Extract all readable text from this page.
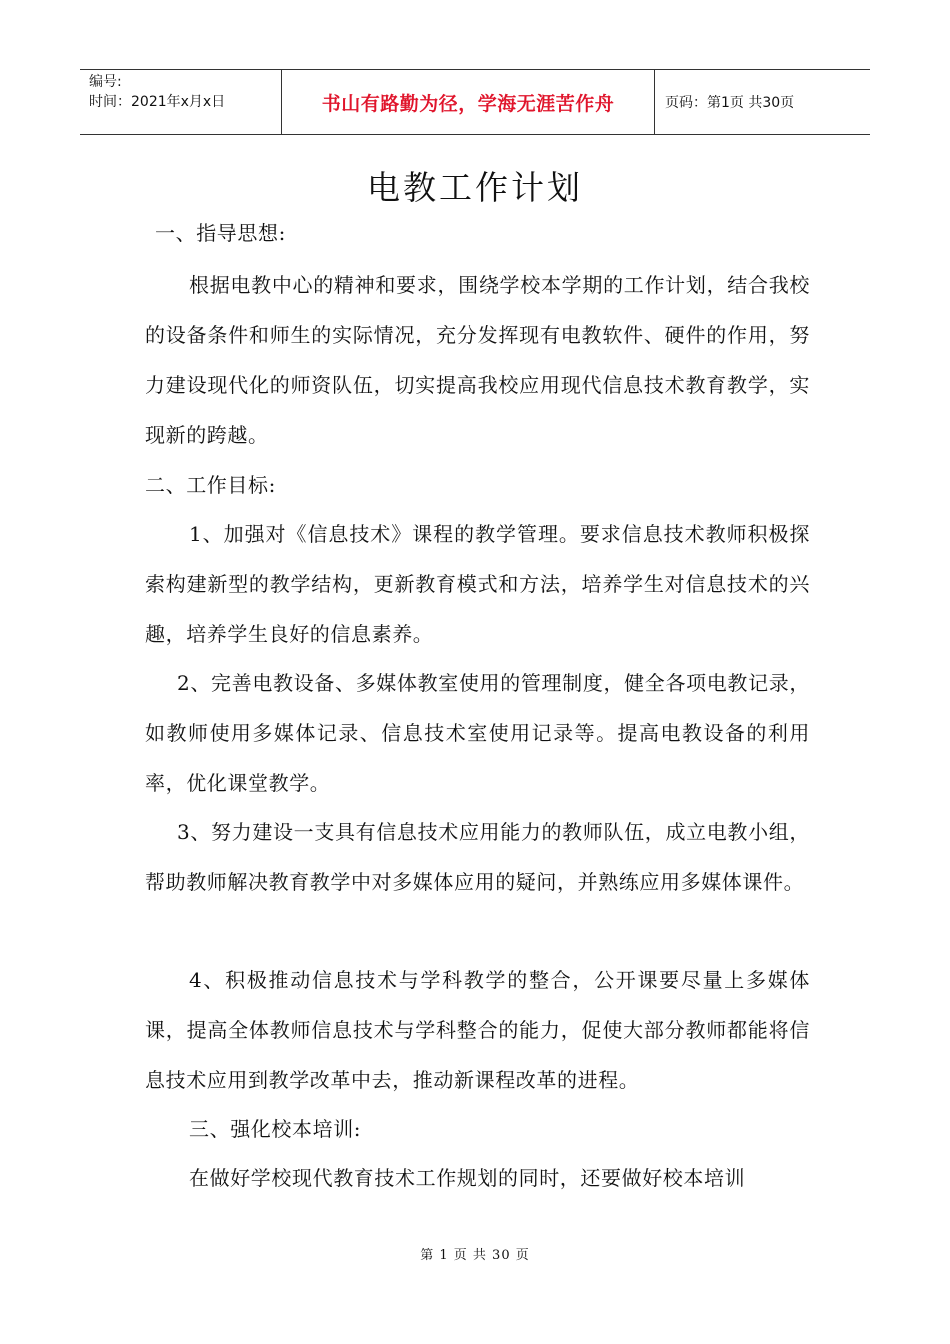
编号:
时间：2021年x月x日	书山有路勤为径，学海无涯苦作舟	页码：第1页 共30页
电教工作计划

一、指导思想:

根据电教中心的精神和要求，围绕学校本学期的工作计划，结合我校的设备条件和师生的实际情况，充分发挥现有电教软件、硬件的作用，努力建设现代化的师资队伍，切实提高我校应用现代信息技术教育教学，实现新的跨越。

二、工作目标:

1、加强对《信息技术》课程的教学管理。要求信息技术教师积极探索构建新型的教学结构，更新教育模式和方法，培养学生对信息技术的兴趣，培养学生良好的信息素养。

2、完善电教设备、多媒体教室使用的管理制度，健全各项电教记录，如教师使用多媒体记录、信息技术室使用记录等。提高电教设备的利用率，优化课堂教学。

3、努力建设一支具有信息技术应用能力的教师队伍，成立电教小组，帮助教师解决教育教学中对多媒体应用的疑问，并熟练应用多媒体课件。

4、积极推动信息技术与学科教学的整合，公开课要尽量上多媒体课，提高全体教师信息技术与学科整合的能力，促使大部分教师都能将信息技术应用到教学改革中去，推动新课程改革的进程。

三、强化校本培训:

在做好学校现代教育技术工作规划的同时，还要做好校本培训

第 1 页 共 30 页
